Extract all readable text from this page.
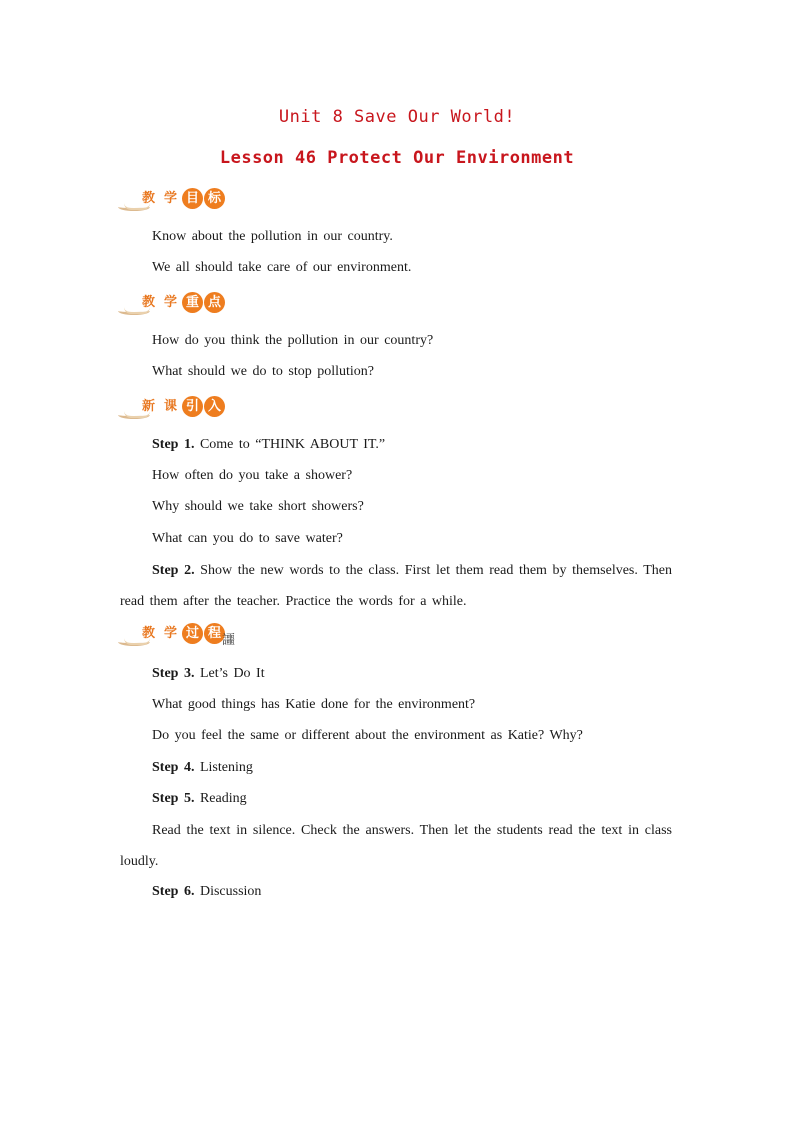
Unit 8 Save Our World!
Lesson 46 Protect Our Environment
教 学 目 标
Know about the pollution in our country.
We all should take care of our environment.
教 学 重 点
How do you think the pollution in our country?
What should we do to stop pollution?
新 课 引 入
Step 1. Come to “THINK ABOUT IT.”
How often do you take a shower?
Why should we take short showers?
What can you do to save water?
Step 2. Show the new words to the class. First let them read them by themselves. Then read them after the teacher. Practice the words for a while.
教 学 过 程 讍
Step 3. Let’s Do It
What good things has Katie done for the environment?
Do you feel the same or different about the environment as Katie? Why?
Step 4. Listening
Step 5. Reading
Read the text in silence. Check the answers. Then let the students read the text in class loudly.
Step 6. Discussion
